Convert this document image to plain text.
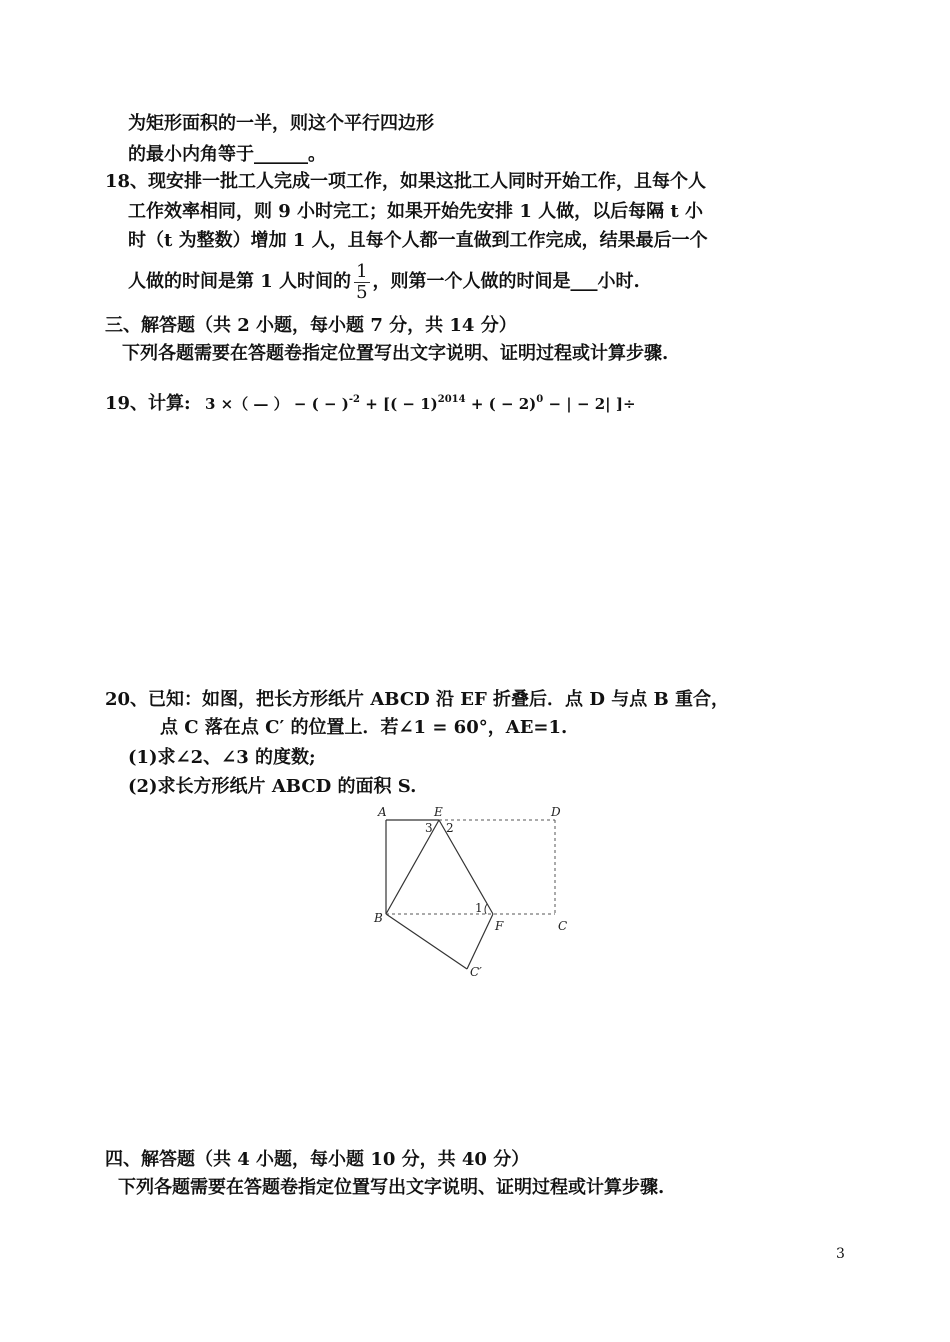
为矩形面积的一半，则这个平行四边形
的最小内角等于______。
18、现安排一批工人完成一项工作，如果这批工人同时开始工作，且每个人
工作效率相同，则 9 小时完工；如果开始先安排 1 人做，以后每隔 t 小
时（t 为整数）增加 1 人，且每个人都一直做到工作完成，结果最后一个
人做的时间是第 1 人时间的 $\frac{1}{5}$ ，则第一个人做的时间是___小时.
三、解答题（共 2 小题，每小题 7 分，共 14 分）
下列各题需要在答题卷指定位置写出文字说明、证明过程或计算步骤.
19、计算: 3 ×（ — ） − ( − )$^{-2}$ + [( − 1)$^{2014}$ + ( − 2)$^0$ − | − 2| ]÷
20、已知：如图，把长方形纸片 ABCD 沿 EF 折叠后．点 D 与点 B 重合，
点 C 落在点 C′ 的位置上．若∠1 = 60°，AE=1.
(1)求∠2、∠3 的度数;
(2)求长方形纸片 ABCD 的面积 S.
A	E	D
B
F	C
C′
1
2
3
四、解答题（共 4 小题，每小题 10 分，共 40 分）
下列各题需要在答题卷指定位置写出文字说明、证明过程或计算步骤.
3
